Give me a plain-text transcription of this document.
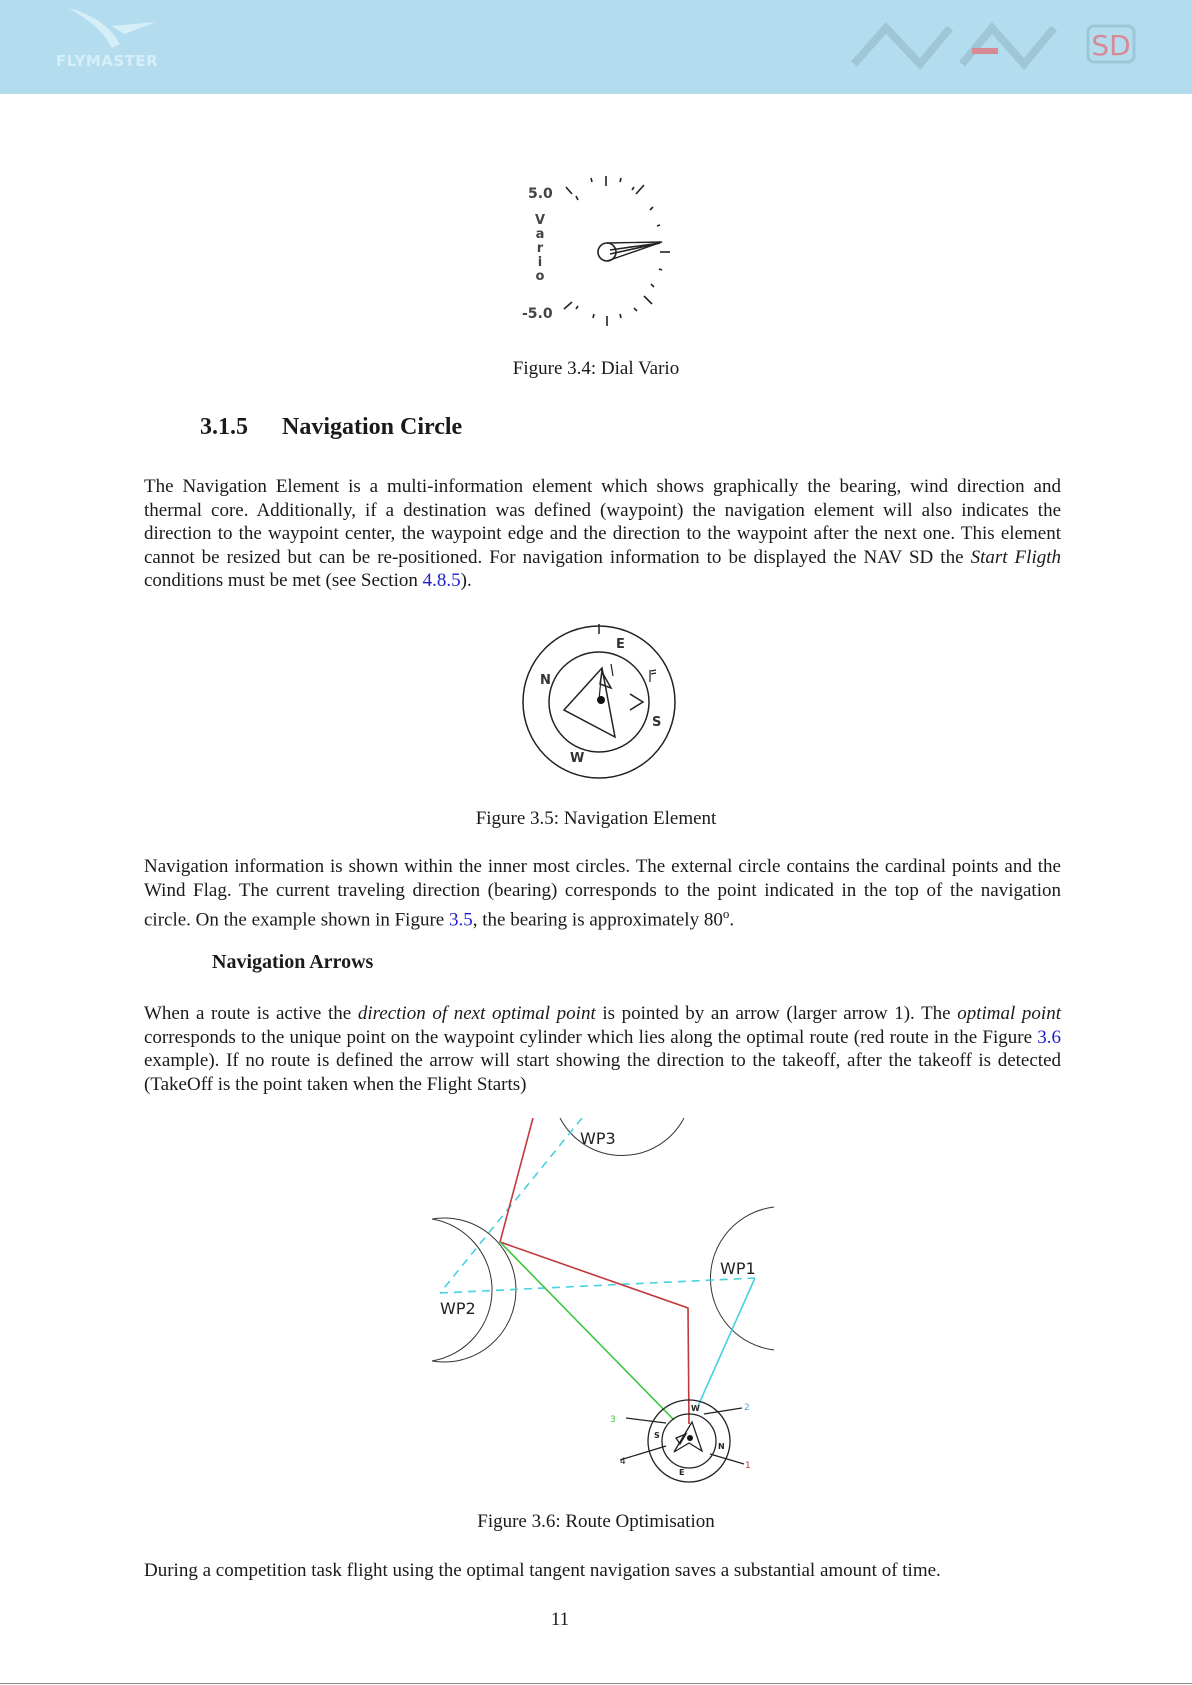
FLYMASTER	SD
5.0
-5.0
V
a
r
i
o
Figure 3.4: Dial Vario
3.1.5 Navigation Circle

The Navigation Element is a multi-information element which shows graphically the bearing, wind direction and thermal core. Additionally, if a destination was defined (waypoint) the navigation element will also indicates the direction to the waypoint center, the waypoint edge and the direction to the waypoint after the next one. This element cannot be resized but can be re-positioned. For navigation information to be displayed the NAV SD the Start Fligth conditions must be met (see Section 4.8.5).

N
E
S
W
Figure 3.5: Navigation Element

Navigation information is shown within the inner most circles. The external circle contains the cardinal points and the Wind Flag. The current traveling direction (bearing) corresponds to the point indicated in the top of the navigation circle. On the example shown in Figure 3.5, the bearing is approximately 80$^o$.

Navigation Arrows

When a route is active the direction of next optimal point is pointed by an arrow (larger arrow 1). The optimal point corresponds to the unique point on the waypoint cylinder which lies along the optimal route (red route in the Figure 3.6 example). If no route is defined the arrow will start showing the direction to the takeoff, after the takeoff is detected (TakeOff is the point taken when the Flight Starts)

WP3
WP1
WP2
1
2
3
4
W
S
N
E
Figure 3.6: Route Optimisation

During a competition task flight using the optimal tangent navigation saves a substantial amount of time.

11
